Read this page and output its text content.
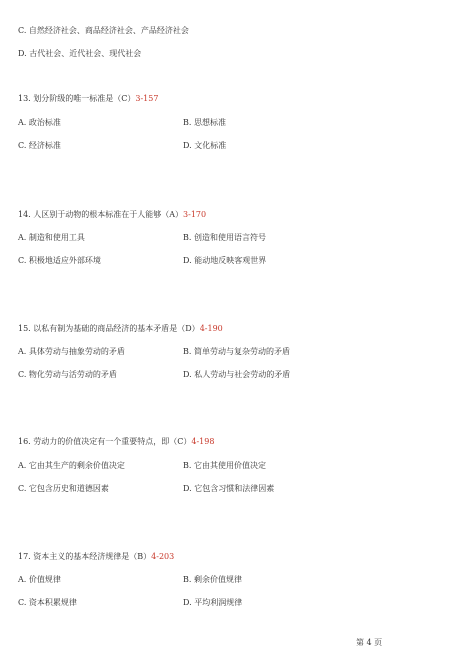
C. 自然经济社会、商品经济社会、产品经济社会
D. 古代社会、近代社会、现代社会
13. 划分阶级的唯一标准是（C）3-157
A. 政治标准	B. 思想标准
C. 经济标准	D. 文化标准
14. 人区别于动物的根本标准在于人能够（A）3-170
A. 制造和使用工具	B. 创造和使用语言符号
C. 积极地适应外部环境	D. 能动地反映客观世界
15. 以私有制为基础的商品经济的基本矛盾是（D）4-190
A. 具体劳动与抽象劳动的矛盾	B. 简单劳动与复杂劳动的矛盾
C. 物化劳动与活劳动的矛盾	D. 私人劳动与社会劳动的矛盾
16. 劳动力的价值决定有一个重要特点，即（C）4-198
A. 它由其生产的剩余价值决定	B. 它由其使用价值决定
C. 它包含历史和道德因素	D. 它包含习惯和法律因素
17. 资本主义的基本经济规律是（B）4-203
A. 价值规律	B. 剩余价值规律
C. 资本积累规律	D. 平均利润规律
第 4 页
